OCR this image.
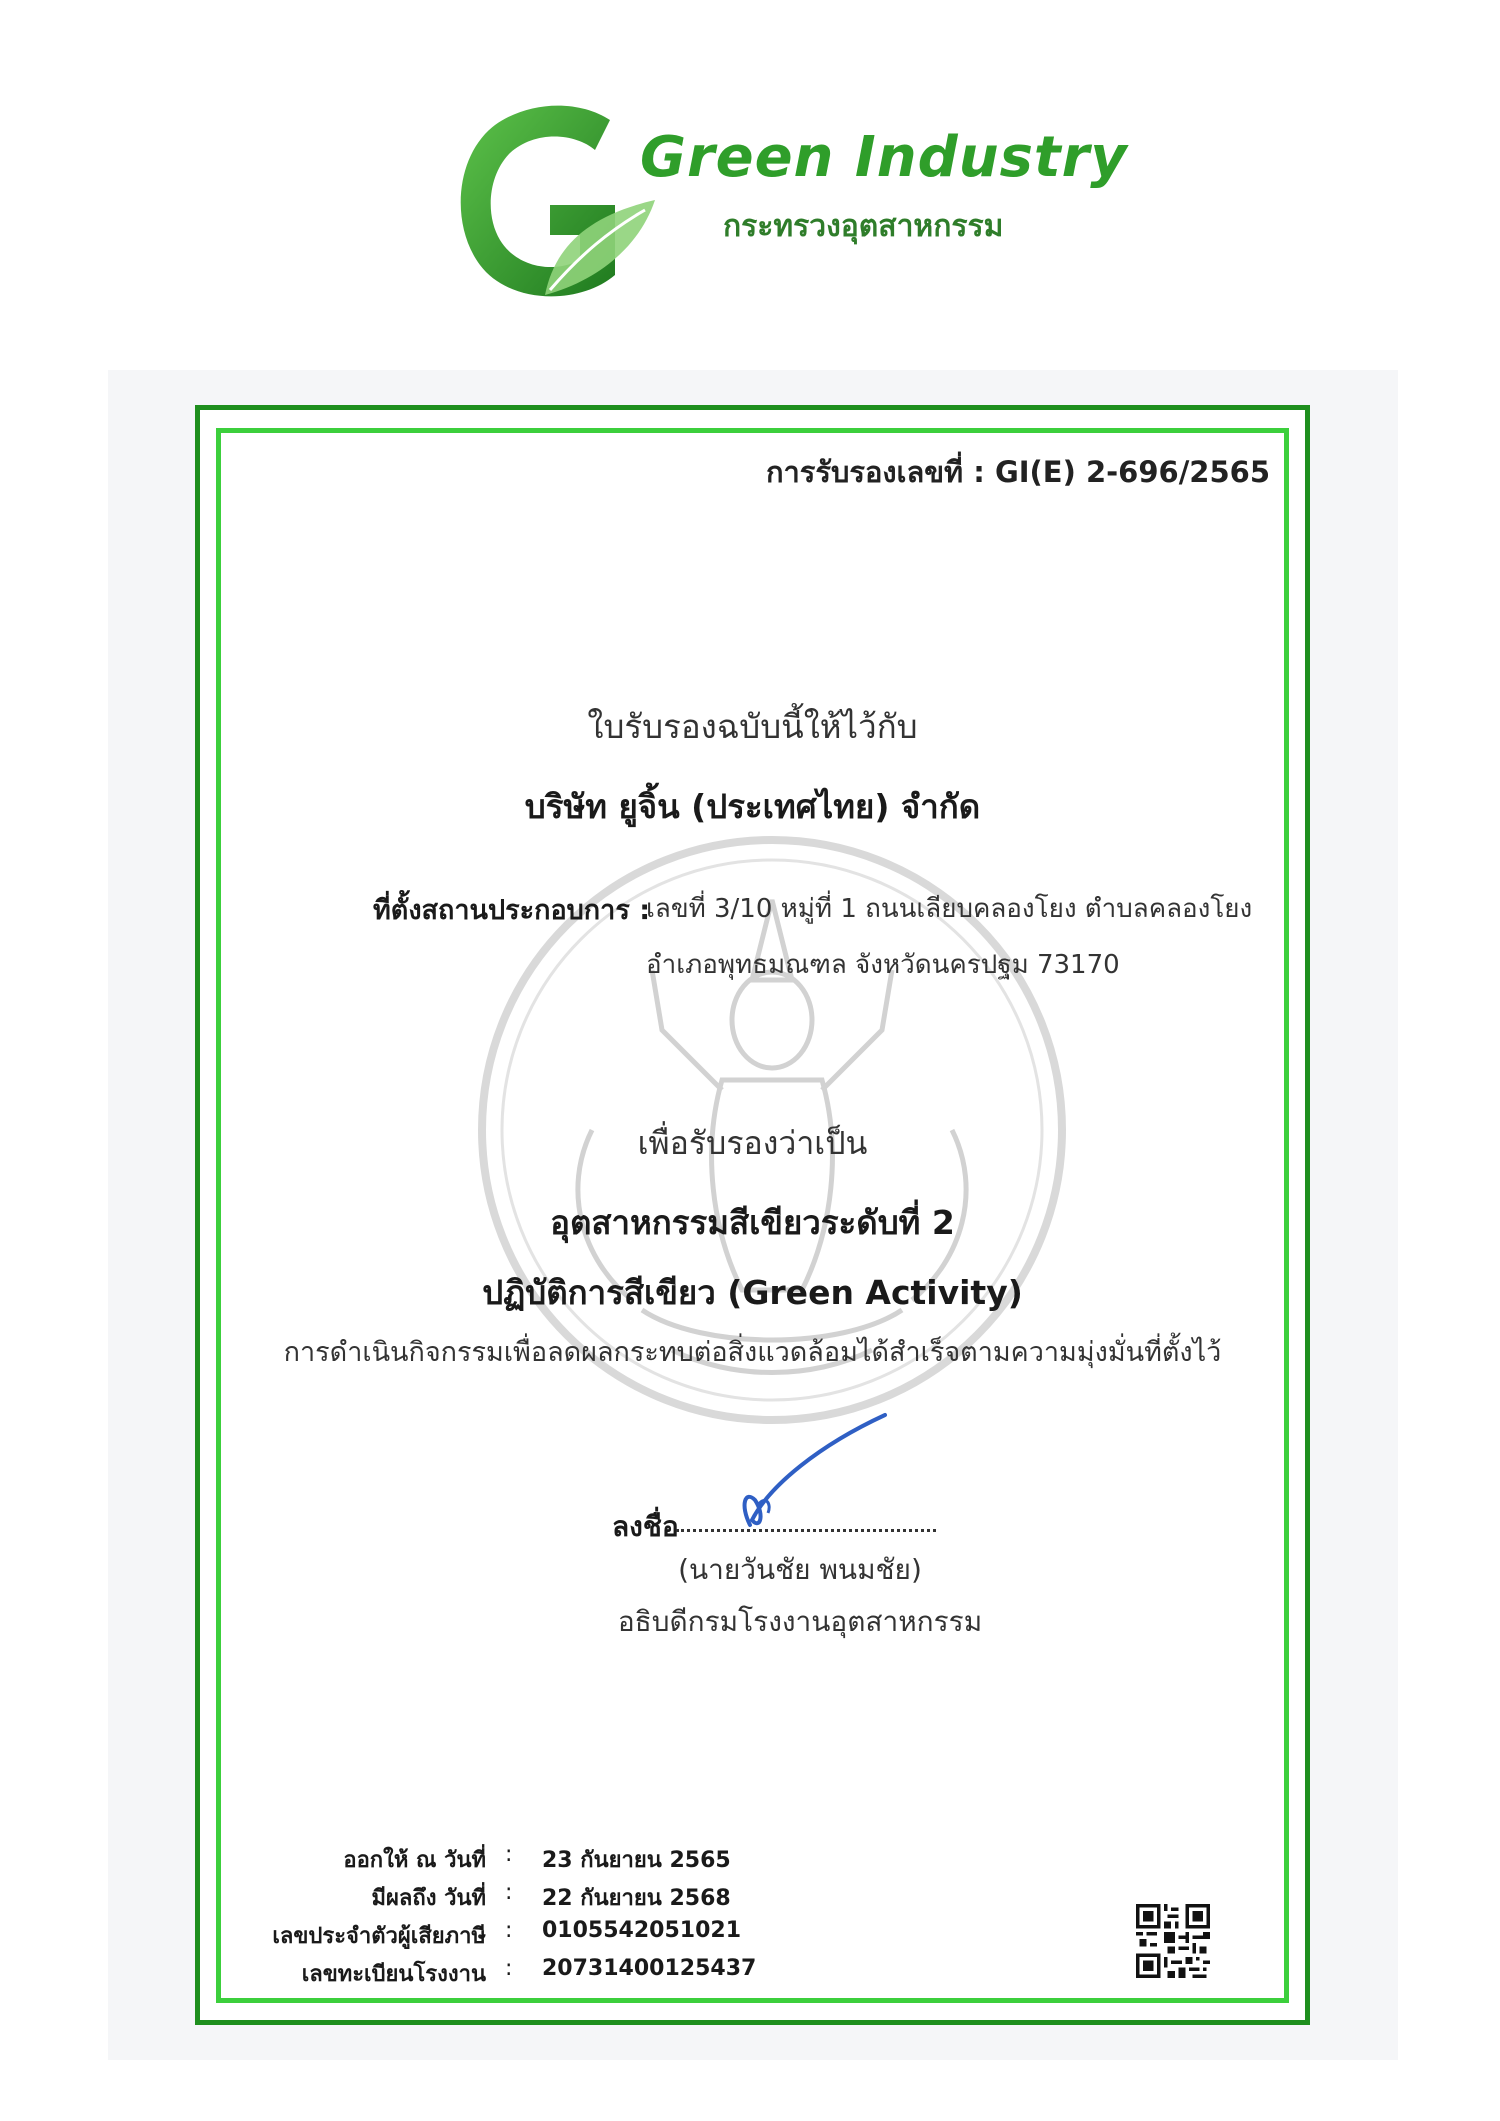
Green Industry
กระทรวงอุตสาหกรรม
การรับรองเลขที่ : GI(E) 2-696/2565
ใบรับรองฉบับนี้ให้ไว้กับ
บริษัท ยูจิ้น (ประเทศไทย) จำกัด
ที่ตั้งสถานประกอบการ :
เลขที่ 3/10 หมู่ที่ 1 ถนนเลียบคลองโยง ตำบลคลองโยง
อำเภอพุทธมณฑล จังหวัดนครปฐม 73170
เพื่อรับรองว่าเป็น
อุตสาหกรรมสีเขียวระดับที่ 2
ปฏิบัติการสีเขียว (Green Activity)
การดำเนินกิจกรรมเพื่อลดผลกระทบต่อสิ่งแวดล้อมได้สำเร็จตามความมุ่งมั่นที่ตั้งไว้
ลงชื่อ
(นายวันชัย พนมชัย)
อธิบดีกรมโรงงานอุตสาหกรรม
ออกให้ ณ วันที่ : 23 กันยายน 2565
มีผลถึง วันที่ : 22 กันยายน 2568
เลขประจำตัวผู้เสียภาษี : 0105542051021
เลขทะเบียนโรงงาน : 20731400125437
